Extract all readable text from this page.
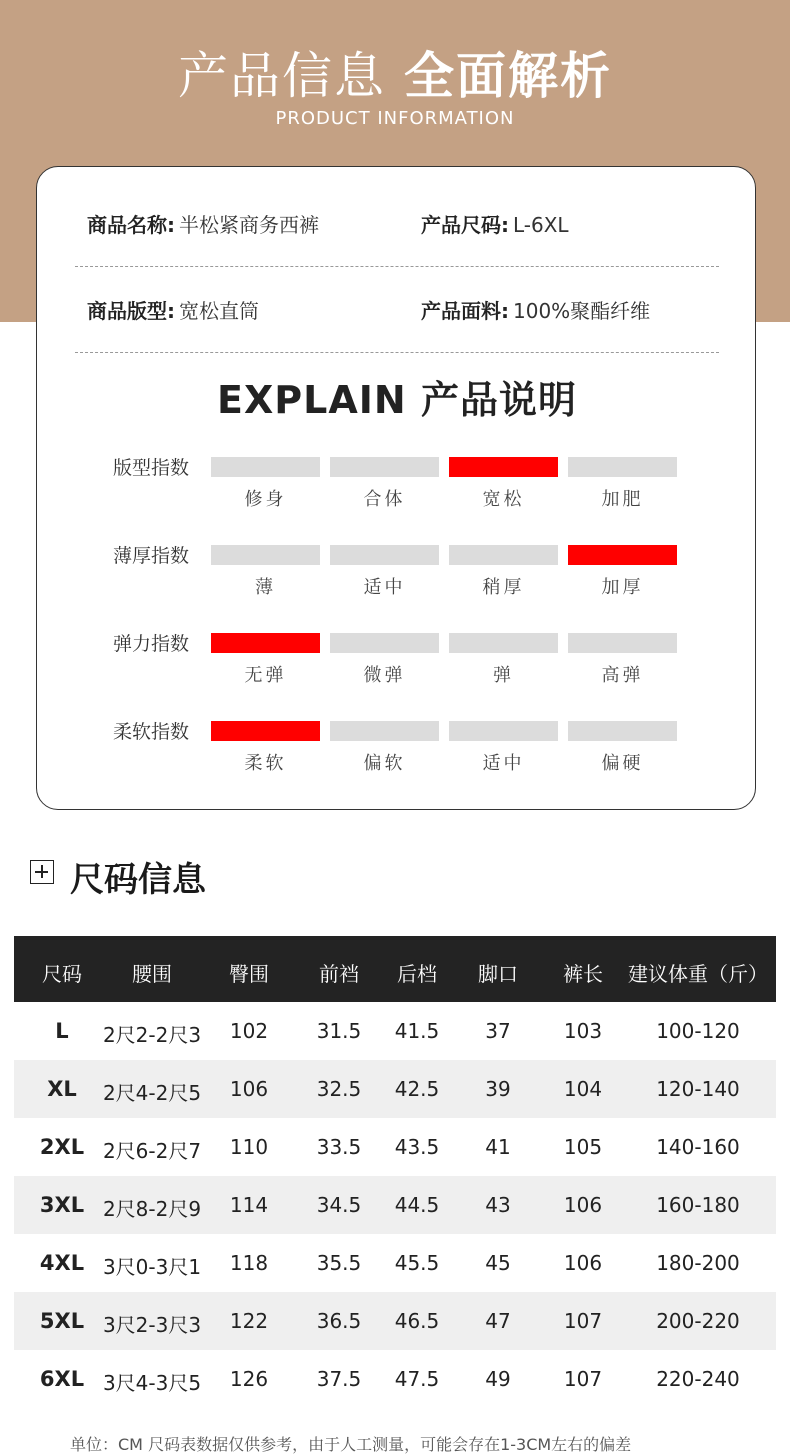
产品信息 全面解析
PRODUCT INFORMATION
商品名称: 半松紧商务西裤	产品尺码: L-6XL
商品版型: 宽松直筒	产品面料: 100%聚酯纤维
EXPLAIN 产品说明
版型指数
修身	合体	宽松	加肥
薄厚指数
薄	适中	稍厚	加厚
弹力指数
无弹	微弹	弹	高弹
柔软指数
柔软	偏软	适中	偏硬
尺码信息
尺码	腰围	臀围	前裆 后档 脚口 裤长 建议体重（斤）
L 2尺2-2尺3 102 31.5 41.5 37	103	100-120
XL 2尺4-2尺5 106 32.5 42.5 39	104	120-140
2XL 2尺6-2尺7 110 33.5 43.5 41	105	140-160
3XL 2尺8-2尺9 114 34.5 44.5 43	106	160-180
4XL 3尺0-3尺1 118 35.5 45.5 45	106	180-200
5XL 3尺2-3尺3 122 36.5 46.5 47	107	200-220
6XL 3尺4-3尺5 126 37.5 47.5 49	107	220-240
单位：CM 尺码表数据仅供参考，由于人工测量，可能会存在1-3CM左右的偏差
